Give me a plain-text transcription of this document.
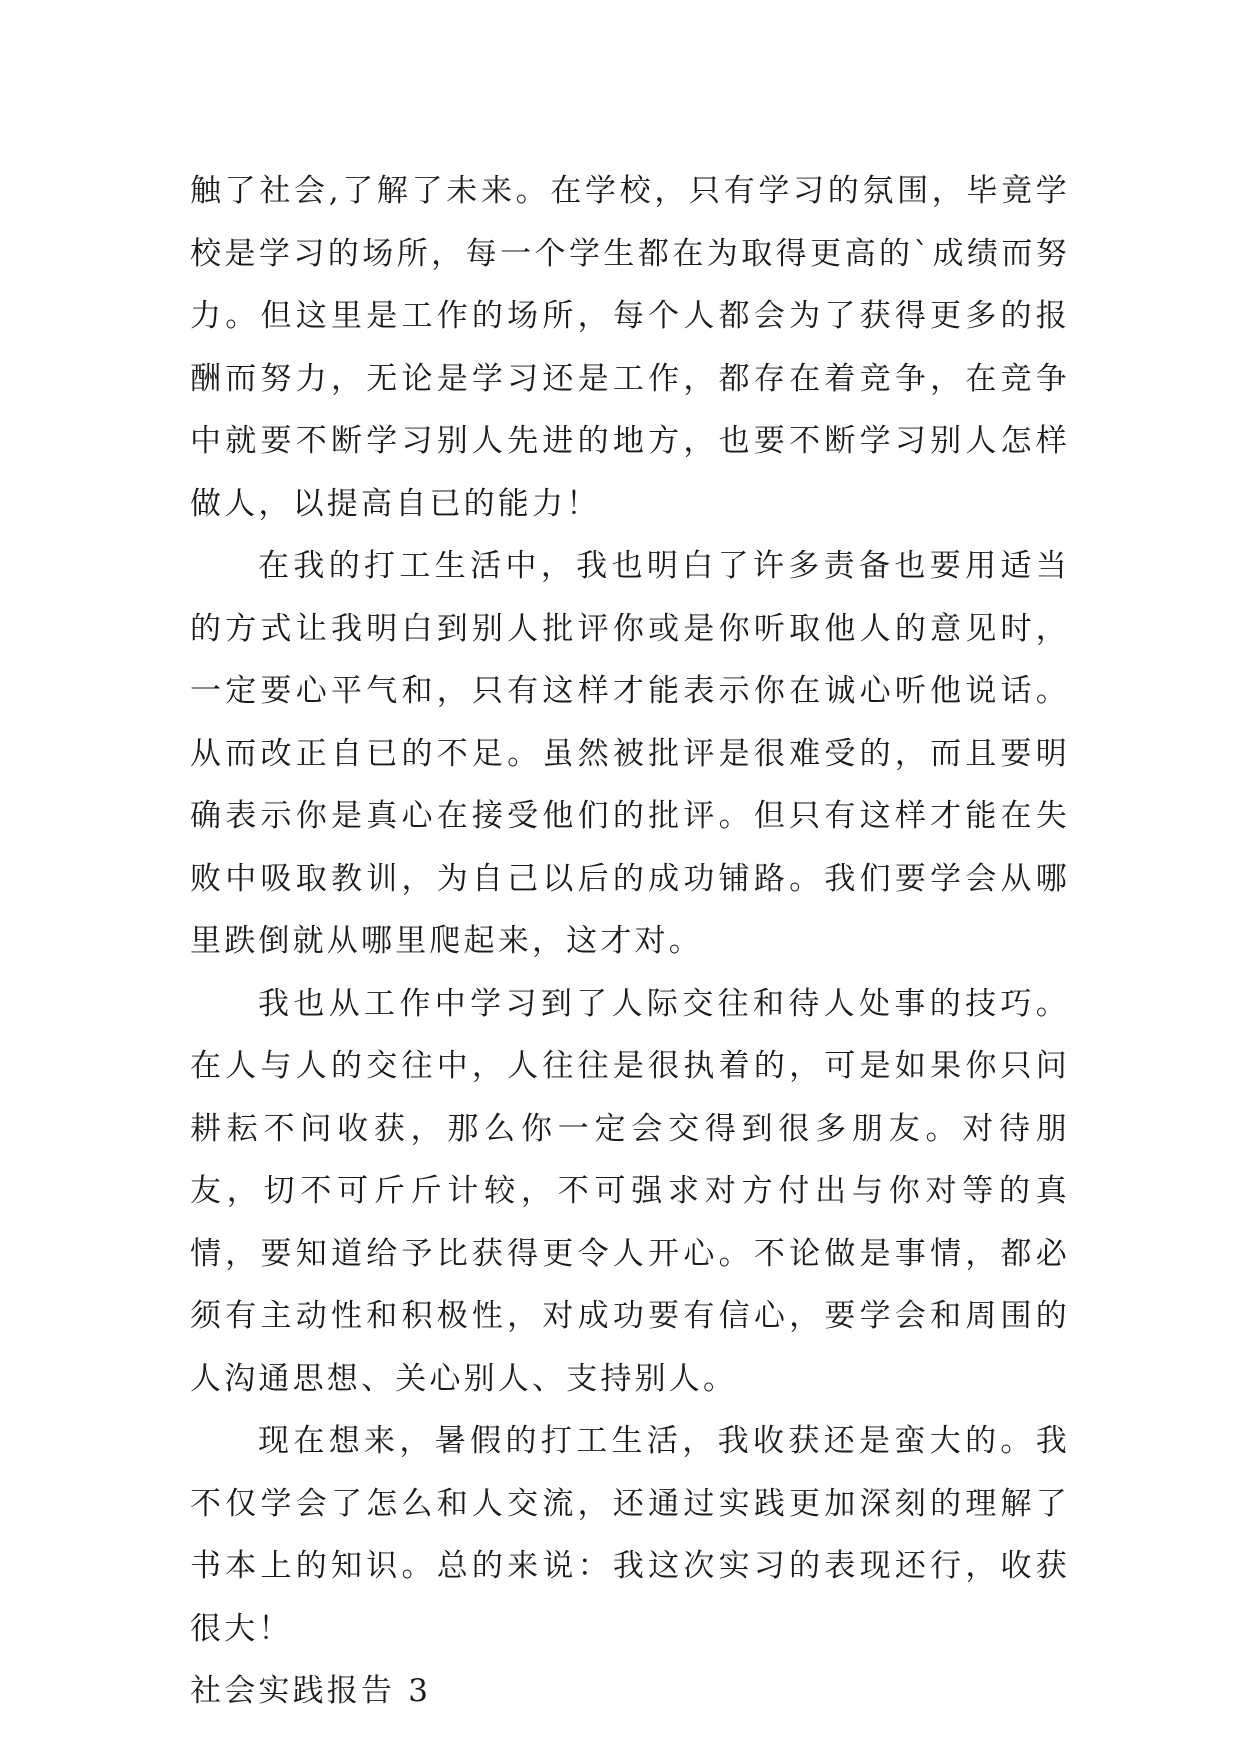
触了社会,了解了未来。在学校，只有学习的氛围，毕竟学校是学习的场所，每一个学生都在为取得更高的`成绩而努力。但这里是工作的场所，每个人都会为了获得更多的报酬而努力，无论是学习还是工作，都存在着竞争，在竞争中就要不断学习别人先进的地方，也要不断学习别人怎样做人，以提高自已的能力！

在我的打工生活中，我也明白了许多责备也要用适当的方式让我明白到别人批评你或是你听取他人的意见时，一定要心平气和，只有这样才能表示你在诚心听他说话。从而改正自已的不足。虽然被批评是很难受的，而且要明确表示你是真心在接受他们的批评。但只有这样才能在失败中吸取教训，为自己以后的成功铺路。我们要学会从哪里跌倒就从哪里爬起来，这才对。

我也从工作中学习到了人际交往和待人处事的技巧。在人与人的交往中，人往往是很执着的，可是如果你只问耕耘不问收获，那么你一定会交得到很多朋友。对待朋友，切不可斤斤计较，不可强求对方付出与你对等的真情，要知道给予比获得更令人开心。不论做是事情，都必须有主动性和积极性，对成功要有信心，要学会和周围的人沟通思想、关心别人、支持别人。

现在想来，暑假的打工生活，我收获还是蛮大的。我不仅学会了怎么和人交流，还通过实践更加深刻的理解了书本上的知识。总的来说：我这次实习的表现还行，收获很大！

社会实践报告 3
